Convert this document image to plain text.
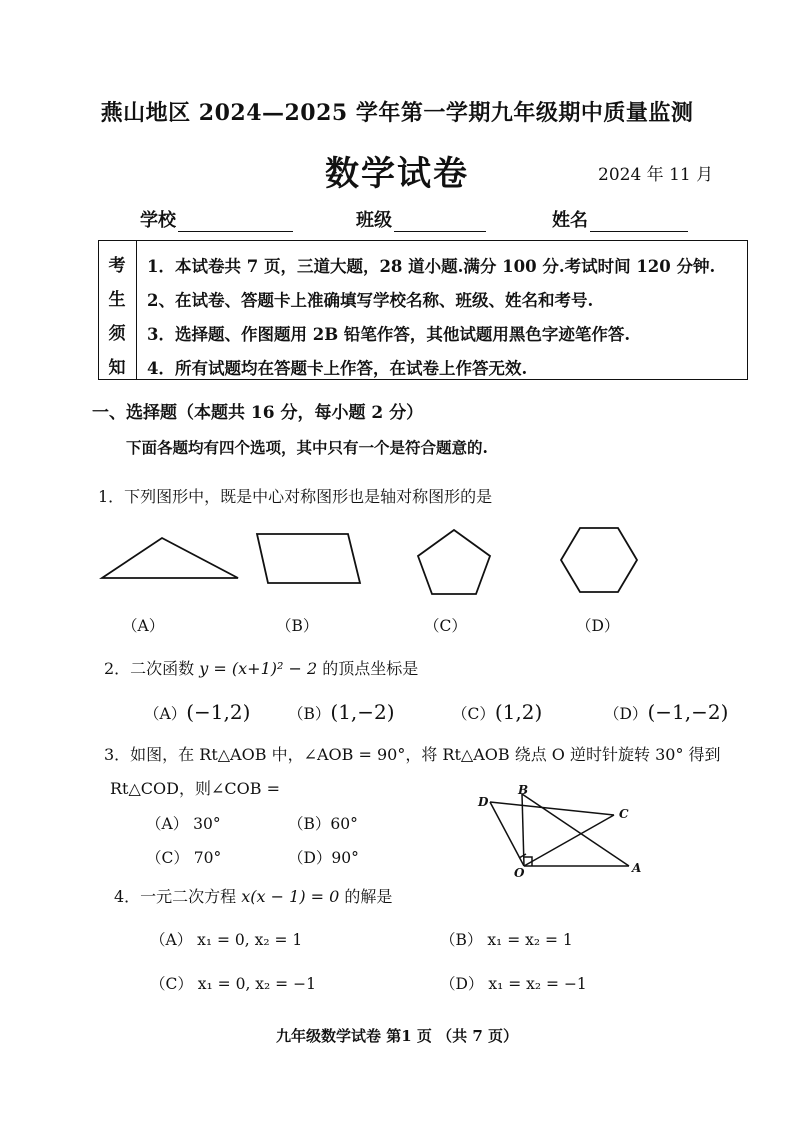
燕山地区 2024—2025 学年第一学期九年级期中质量监测
数学试卷	2024 年 11 月
学校	班级	姓名
考
生
须
知
1．本试卷共 7 页，三道大题，28 道小题.满分 100 分.考试时间 120 分钟.
2、在试卷、答题卡上准确填写学校名称、班级、姓名和考号.
3．选择题、作图题用 2B 铅笔作答，其他试题用黑色字迹笔作答.
4．所有试题均在答题卡上作答，在试卷上作答无效.
一、选择题（本题共 16 分，每小题 2 分）
下面各题均有四个选项，其中只有一个是符合题意的.
1．下列图形中，既是中心对称图形也是轴对称图形的是
（A）	（B）	（C）	（D）
2．二次函数 y = (x+1)² − 2 的顶点坐标是
（A）(−1,2) （B）(1,−2)	（C）(1,2)	（D）(−1,−2)
3．如图，在 Rt△AOB 中，∠AOB = 90°，将 Rt△AOB 绕点 O 逆时针旋转 30° 得到
Rt△COD，则∠COB =
（A） 30°	（B）60°
（C） 70°	（D）90°
D
B
C
O	A
4．一元二次方程 x(x − 1) = 0 的解是
（A） x₁ = 0, x₂ = 1	（B） x₁ = x₂ = 1
（C） x₁ = 0, x₂ = −1	（D） x₁ = x₂ = −1
九年级数学试卷 第1 页 （共 7 页）
